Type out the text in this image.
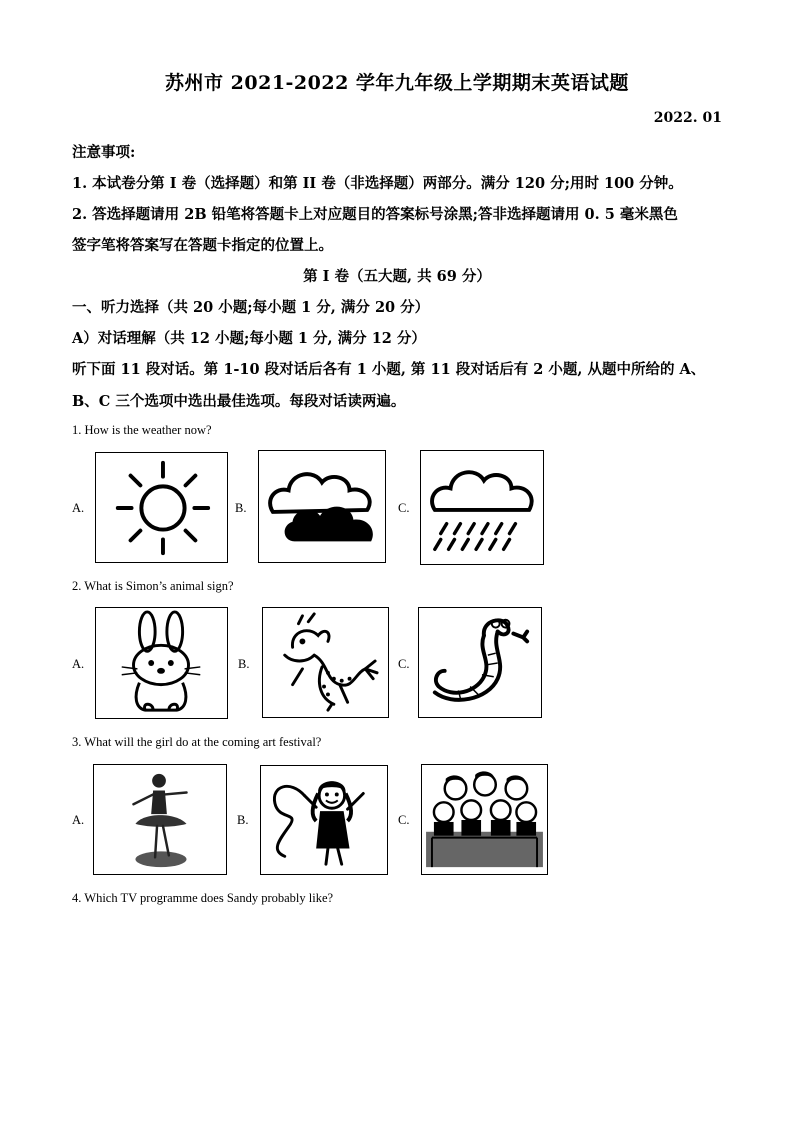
苏州市 2021-2022 学年九年级上学期期末英语试题
2022. 01
注意事项:
1. 本试卷分第 I 卷（选择题）和第 II 卷（非选择题）两部分。满分 120 分;用时 100 分钟。
2. 答选择题请用 2B 铅笔将答题卡上对应题目的答案标号涂黑;答非选择题请用 0. 5 毫米黑色
签字笔将答案写在答题卡指定的位置上。
第 I 卷（五大题, 共 69 分）
一、听力选择（共 20 小题;每小题 1 分, 满分 20 分）
A）对话理解（共 12 小题;每小题 1 分, 满分 12 分）
听下面 11 段对话。第 1-10 段对话后各有 1 小题, 第 11 段对话后有 2 小题, 从题中所给的 A、
B、C 三个选项中选出最佳选项。每段对话读两遍。
1. How is the weather now?
A.	B.	C.
2. What is Simon’s animal sign?
A.	B.	C.
3. What will the girl do at the coming art festival?
A.	B.	C.
4. Which TV programme does Sandy probably like?
